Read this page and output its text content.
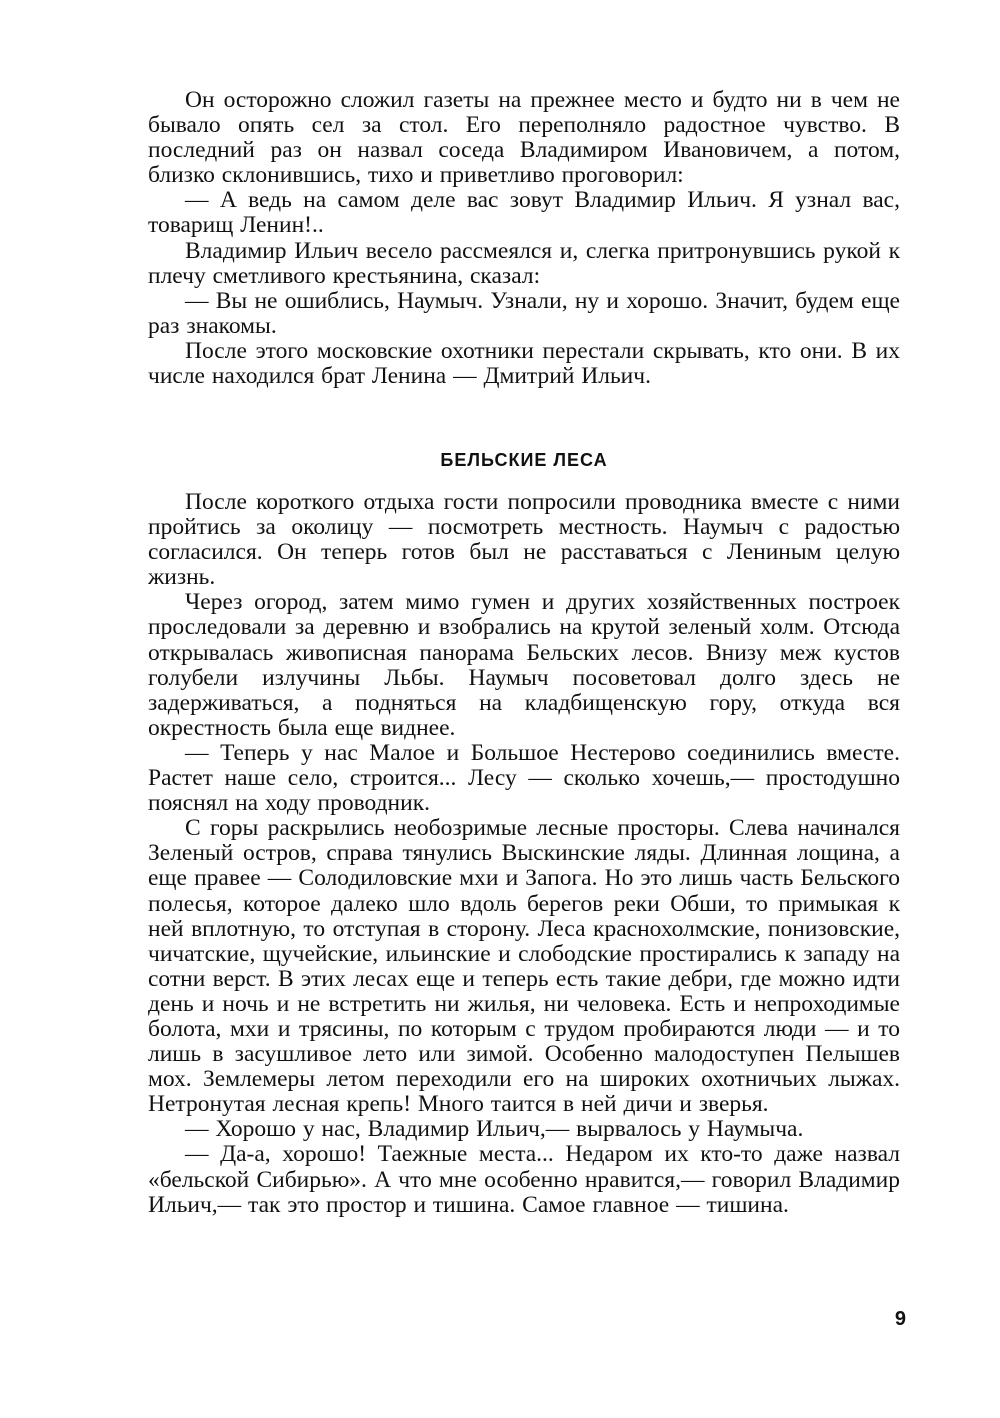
Он осторожно сложил газеты на прежнее место и будто ни в чем не бывало опять сел за стол. Его переполняло радостное чувство. В последний раз он назвал соседа Владимиром Ивановичем, а потом, близко склонившись, тихо и приветливо проговорил:

— А ведь на самом деле вас зовут Владимир Ильич. Я узнал вас, товарищ Ленин!..

Владимир Ильич весело рассмеялся и, слегка притронувшись рукой к плечу сметливого крестьянина, сказал:

— Вы не ошиблись, Наумыч. Узнали, ну и хорошо. Значит, будем еще раз знакомы.

После этого московские охотники перестали скрывать, кто они. В их числе находился брат Ленина — Дмитрий Ильич.

БЕЛЬСКИЕ ЛЕСА

После короткого отдыха гости попросили проводника вместе с ними пройтись за околицу — посмотреть местность. Наумыч с радостью согласился. Он теперь готов был не расставаться с Лениным целую жизнь.

Через огород, затем мимо гумен и других хозяйственных построек проследовали за деревню и взобрались на крутой зеленый холм. Отсюда открывалась живописная панорама Бельских лесов. Внизу меж кустов голубели излучины Льбы. Наумыч посоветовал долго здесь не задерживаться, а подняться на кладбищенскую гору, откуда вся окрестность была еще виднее.

— Теперь у нас Малое и Большое Нестерово соединились вместе. Растет наше село, строится... Лесу — сколько хочешь,— простодушно пояснял на ходу проводник.

С горы раскрылись необозримые лесные просторы. Слева начинался Зеленый остров, справа тянулись Выскинские ляды. Длинная лощина, а еще правее — Солодиловские мхи и Запога. Но это лишь часть Бельского полесья, которое далеко шло вдоль берегов реки Обши, то примыкая к ней вплотную, то отступая в сторону. Леса краснохолмские, понизовские, чичатские, щучейские, ильинские и слободские простирались к западу на сотни верст. В этих лесах еще и теперь есть такие дебри, где можно идти день и ночь и не встретить ни жилья, ни человека. Есть и непроходимые болота, мхи и трясины, по которым с трудом пробираются люди — и то лишь в засушливое лето или зимой. Особенно малодоступен Пелышев мох. Землемеры летом переходили его на широких охотничьих лыжах. Нетронутая лесная крепь! Много таится в ней дичи и зверья.

— Хорошо у нас, Владимир Ильич,— вырвалось у Наумыча.

— Да-а, хорошо! Таежные места... Недаром их кто-то даже назвал «бельской Сибирью». А что мне особенно нравится,— говорил Владимир Ильич,— так это простор и тишина. Самое главное — тишина.

9
